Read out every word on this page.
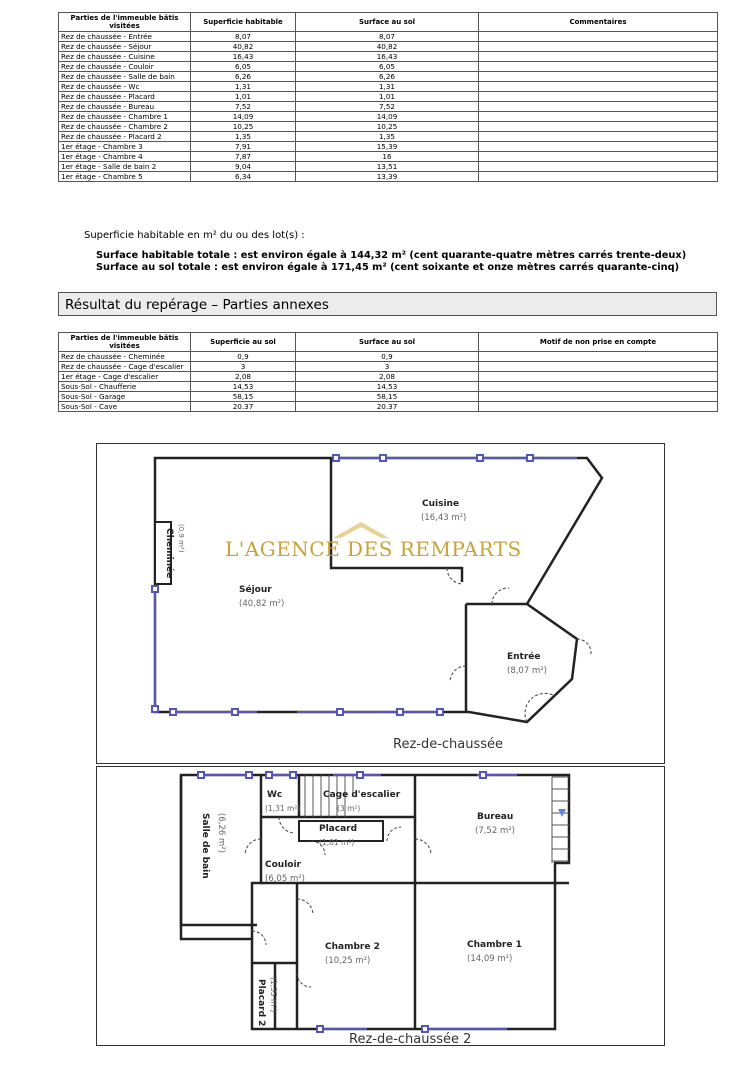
Parties de l'immeuble bâtis visitées	Superficie habitable	Surface au sol	Commentaires
Rez de chaussée - Entrée	8,07	8,07	
Rez de chaussée - Séjour	40,82	40,82	
Rez de chaussée - Cuisine	16,43	16,43	
Rez de chaussée - Couloir	6,05	6,05	
Rez de chaussée - Salle de bain	6,26	6,26	
Rez de chaussée - Wc	1,31	1,31	
Rez de chaussée - Placard	1,01	1,01	
Rez de chaussée - Bureau	7,52	7,52	
Rez de chaussée - Chambre 1	14,09	14,09	
Rez de chaussée - Chambre 2	10,25	10,25	
Rez de chaussée - Placard 2	1,35	1,35	
1er étage - Chambre 3	7,91	15,39	
1er étage - Chambre 4	7,87	16	
1er étage - Salle de bain 2	9,04	13,51	
1er étage - Chambre 5	6,34	13,39	
Superficie habitable en m² du ou des lot(s) :
Surface habitable totale : est environ égale à 144,32 m² (cent quarante-quatre mètres carrés trente-deux)
Surface au sol totale : est environ égale à 171,45 m² (cent soixante et onze mètres carrés quarante-cinq)
Résultat du repérage – Parties annexes
Parties de l'immeuble bâtis visitées	Superficie au sol	Surface au sol	Motif de non prise en compte
Rez de chaussée - Cheminée	0,9	0,9	
Rez de chaussée - Cage d'escalier	3	3	
1er étage - Cage d'escalier	2,08	2,08	
Sous-Sol - Chaufferie	14,53	14,53	
Sous-Sol - Garage	58,15	58,15	
Sous-Sol - Cave	20.37	20.37	
L'AGENCE DES REMPARTS
Cuisine
(16,43 m²)
Séjour
(40,82 m²)
Entrée
(8,07 m²)
Cheminée (0,9 m²)
Rez-de-chaussée
Wc
(1,31 m²)
Cage d'escalier
(3 m²)
Placard
(1,01 m²)
Bureau
(7,52 m²)
Salle de bain (6,26 m²)
Couloir
(6,05 m²)
Chambre 2
(10,25 m²)
Chambre 1
(14,09 m²)
Placard 2 (1,35 m²)
Rez-de-chaussée 2
